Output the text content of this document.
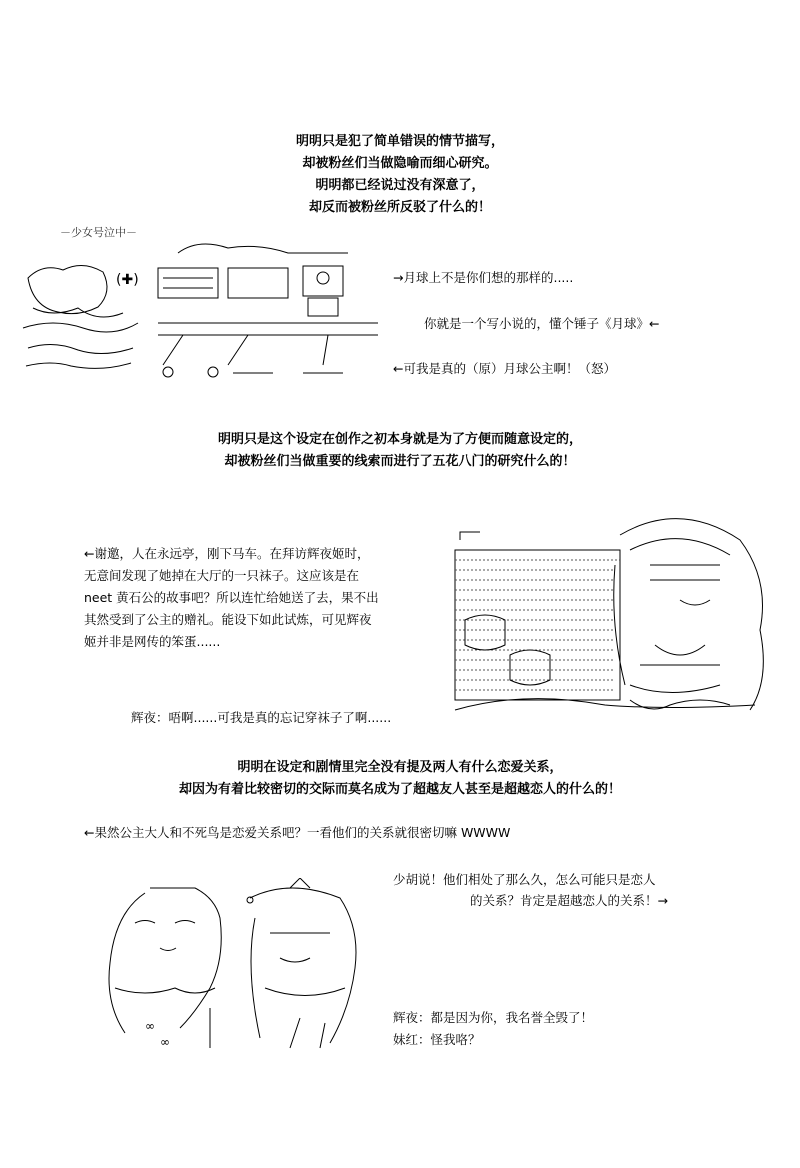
明明只是犯了简单错误的情节描写，
却被粉丝们当做隐喻而细心研究。
明明都已经说过没有深意了，
却反而被粉丝所反驳了什么的！
－少女号泣中－
(✚)	→月球上不是你们想的那样的.....
你就是一个写小说的，懂个锤子《月球》←
←可我是真的（原）月球公主啊！（怒）
明明只是这个设定在创作之初本身就是为了方便而随意设定的，
却被粉丝们当做重要的线索而进行了五花八门的研究什么的！
←谢邀，人在永远亭，刚下马车。在拜访辉夜姬时，
无意间发现了她掉在大厅的一只袜子。这应该是在
neet 黄石公的故事吧？所以连忙给她送了去，果不出
其然受到了公主的赠礼。能设下如此试炼，可见辉夜
姬并非是网传的笨蛋......
辉夜：唔啊......可我是真的忘记穿袜子了啊......
明明在设定和剧情里完全没有提及两人有什么恋爱关系，
却因为有着比较密切的交际而莫名成为了超越友人甚至是超越恋人的什么的！
←果然公主大人和不死鸟是恋爱关系吧？一看他们的关系就很密切嘛 WWWW
∞
∞
少胡说！他们相处了那么久，怎么可能只是恋人
的关系？肯定是超越恋人的关系！→
辉夜：都是因为你，我名誉全毁了！
妹红：怪我咯？
